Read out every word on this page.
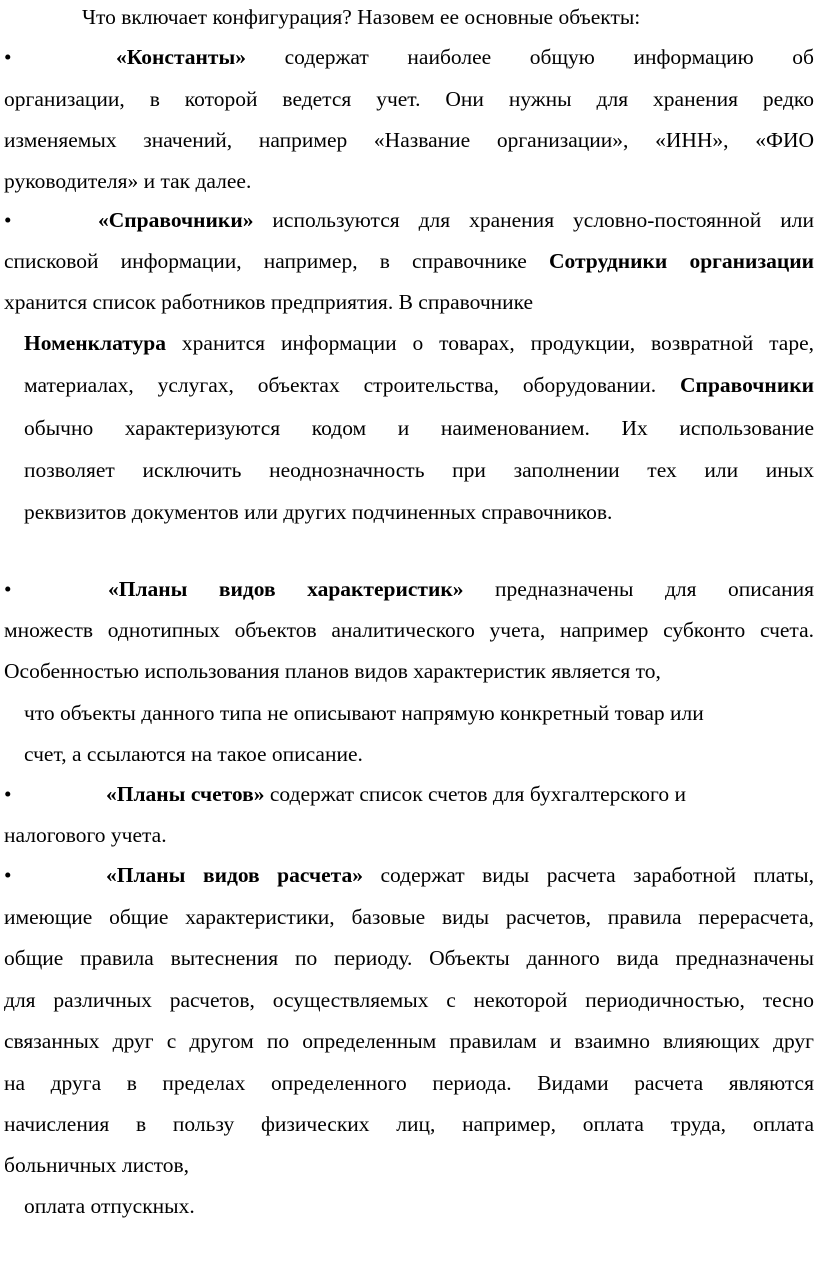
Что включает конфигурация? Назовем ее основные объекты:
•	«Константы» содержат наиболее общую информацию об
организации, в которой ведется учет. Они нужны для хранения редко
изменяемых значений, например «Название организации», «ИНН», «ФИО
руководителя» и так далее.
•	«Справочники» используются для хранения условно-постоянной или
списковой информации, например, в справочнике Сотрудники организации
хранится список работников предприятия. В справочнике
Номенклатура хранится информации о товарах, продукции, возвратной таре,
материалах, услугах, объектах строительства, оборудовании. Справочники
обычно характеризуются кодом и наименованием. Их использование
позволяет исключить неоднозначность при заполнении тех или иных
реквизитов документов или других подчиненных справочников.
•	«Планы видов характеристик» предназначены для описания
множеств однотипных объектов аналитического учета, например субконто счета.
Особенностью использования планов видов характеристик является то,
что объекты данного типа не описывают напрямую конкретный товар или
счет, а ссылаются на такое описание.
•	«Планы счетов» содержат список счетов для бухгалтерского и
налогового учета.
•	«Планы видов расчета» содержат виды расчета заработной платы,
имеющие общие характеристики, базовые виды расчетов, правила перерасчета,
общие правила вытеснения по периоду. Объекты данного вида предназначены
для различных расчетов, осуществляемых с некоторой периодичностью, тесно
связанных друг с другом по определенным правилам и взаимно влияющих друг
на друга в пределах определенного периода. Видами расчета являются
начисления в пользу физических лиц, например, оплата труда, оплата
больничных листов,
оплата отпускных.
